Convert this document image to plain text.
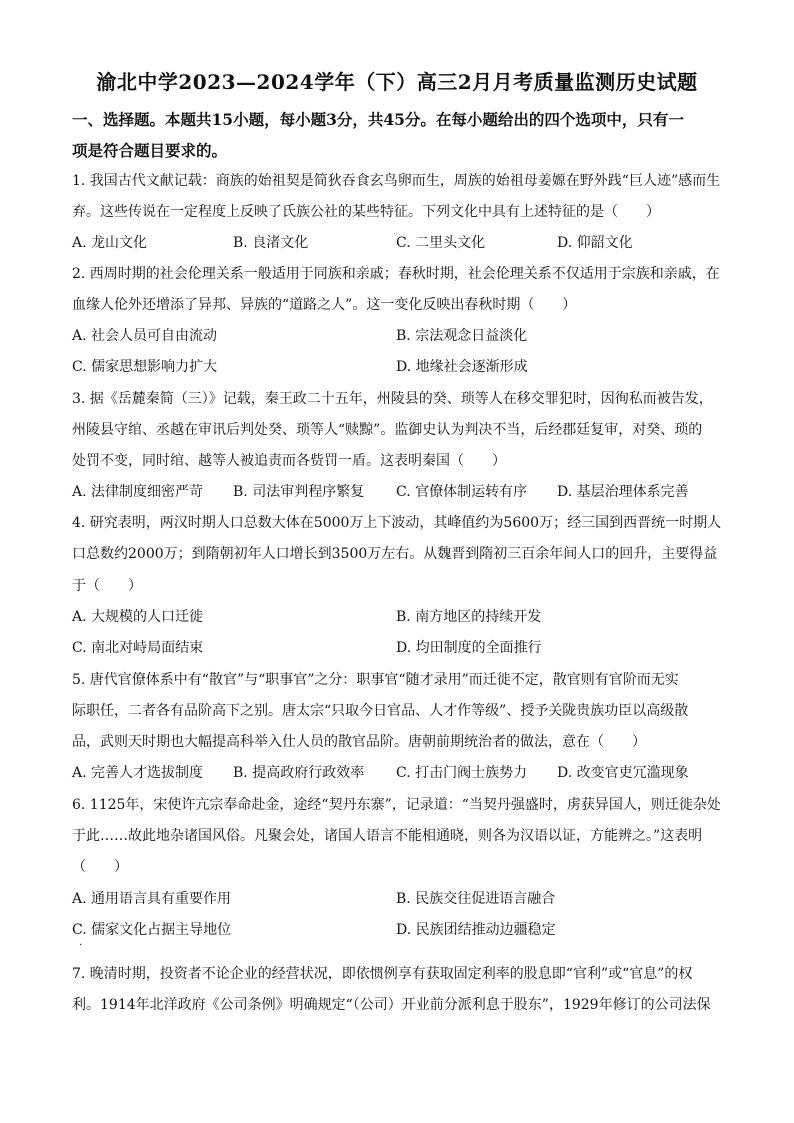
渝北中学2023—2024学年（下）高三2月月考质量监测历史试题
一、选择题。本题共15小题，每小题3分，共45分。在每小题给出的四个选项中，只有一
项是符合题目要求的。
1. 我国古代文献记载：商族的始祖契是简狄吞食玄鸟卵而生，周族的始祖母姜嫄在野外践“巨人迹”感而生
弃。这些传说在一定程度上反映了氏族公社的某些特征。下列文化中具有上述特征的是（　　）
A. 龙山文化	B. 良渚文化	C. 二里头文化	D. 仰韶文化
2. 西周时期的社会伦理关系一般适用于同族和亲戚；春秋时期，社会伦理关系不仅适用于宗族和亲戚，在
血缘人伦外还增添了异邦、异族的“道路之人”。这一变化反映出春秋时期（　　）
A. 社会人员可自由流动	B. 宗法观念日益淡化
C. 儒家思想影响力扩大	D. 地缘社会逐渐形成
3. 据《岳麓秦简（三）》记载，秦王政二十五年，州陵县的癸、琐等人在移交罪犯时，因徇私而被告发，
州陵县守绾、丞越在审讯后判处癸、琐等人“赎黥”。监御史认为判决不当，后经郡廷复审，对癸、琐的
处罚不变，同时绾、越等人被追责而各赀罚一盾。这表明秦国（　　）
A. 法律制度细密严苛 B. 司法审判程序繁复 C. 官僚体制运转有序 D. 基层治理体系完善
4. 研究表明，两汉时期人口总数大体在5000万上下波动，其峰值约为5600万；经三国到西晋统一时期人
口总数约2000万；到隋朝初年人口增长到3500万左右。从魏晋到隋初三百余年间人口的回升，主要得益
于（　　）
A. 大规模的人口迁徙	B. 南方地区的持续开发
C. 南北对峙局面结束	D. 均田制度的全面推行
5. 唐代官僚体系中有“散官”与“职事官”之分：职事官“随才录用”而迁徙不定，散官则有官阶而无实
际职任，二者各有品阶高下之别。唐太宗“只取今日官品、人才作等级”、授予关陇贵族功臣以高级散
品，武则天时期也大幅提高科举入仕人员的散官品阶。唐朝前期统治者的做法，意在（　　）
A. 完善人才选拔制度 B. 提高政府行政效率 C. 打击门阀士族势力 D. 改变官吏冗滥现象
6. 1125年，宋使许亢宗奉命赴金，途经“契丹东寨”，记录道：“当契丹强盛时，虏获异国人，则迁徙杂处
于此……故此地杂诸国风俗。凡聚会处，诸国人语言不能相通晓，则各为汉语以证，方能辨之。”这表明
（　　）
A. 通用语言具有重要作用	B. 民族交往促进语言融合
C. 儒家文化占据主导地位	D. 民族团结推动边疆稳定
·
7. 晚清时期，投资者不论企业的经营状况，即依惯例享有获取固定利率的股息即“官利”或“官息”的权
利。1914年北洋政府《公司条例》明确规定“（公司）开业前分派利息于股东”，1929年修订的公司法保
